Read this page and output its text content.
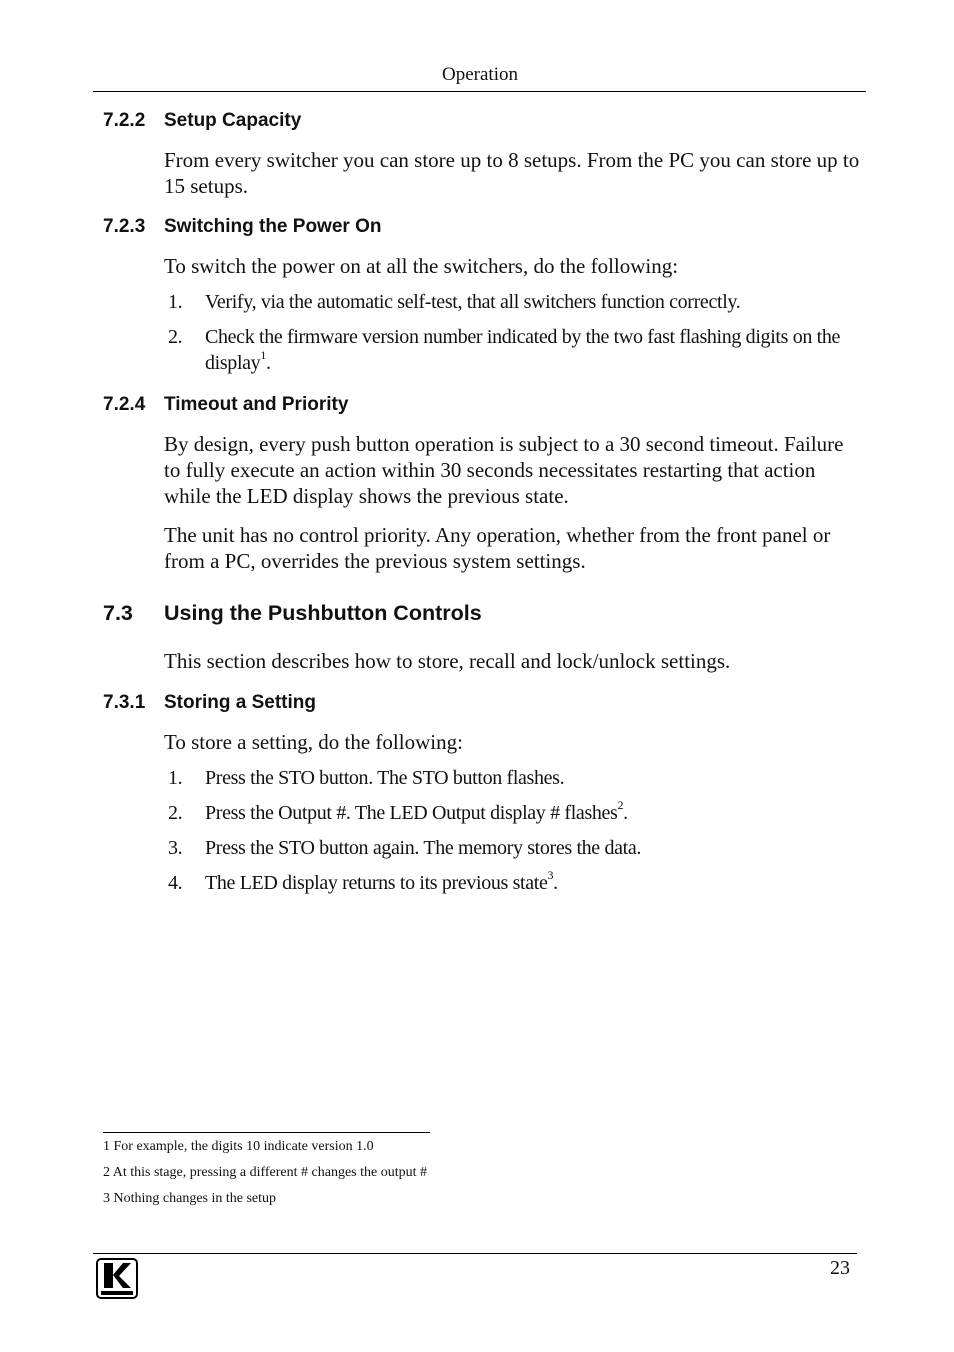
Operation
7.2.2 Setup Capacity
From every switcher you can store up to 8 setups. From the PC you can store up to 15 setups.
7.2.3 Switching the Power On
To switch the power on at all the switchers, do the following:
1. Verify, via the automatic self-test, that all switchers function correctly.
2. Check the firmware version number indicated by the two fast flashing digits on the display$^1$.
7.2.4 Timeout and Priority
By design, every push button operation is subject to a 30 second timeout. Failure to fully execute an action within 30 seconds necessitates restarting that action while the LED display shows the previous state.
The unit has no control priority. Any operation, whether from the front panel or from a PC, overrides the previous system settings.
7.3 Using the Pushbutton Controls
This section describes how to store, recall and lock/unlock settings.
7.3.1 Storing a Setting
To store a setting, do the following:
1. Press the STO button. The STO button flashes.
2. Press the Output #. The LED Output display # flashes$^2$.
3. Press the STO button again. The memory stores the data.
4. The LED display returns to its previous state$^3$.
1 For example, the digits 10 indicate version 1.0
2 At this stage, pressing a different # changes the output #
3 Nothing changes in the setup
23
